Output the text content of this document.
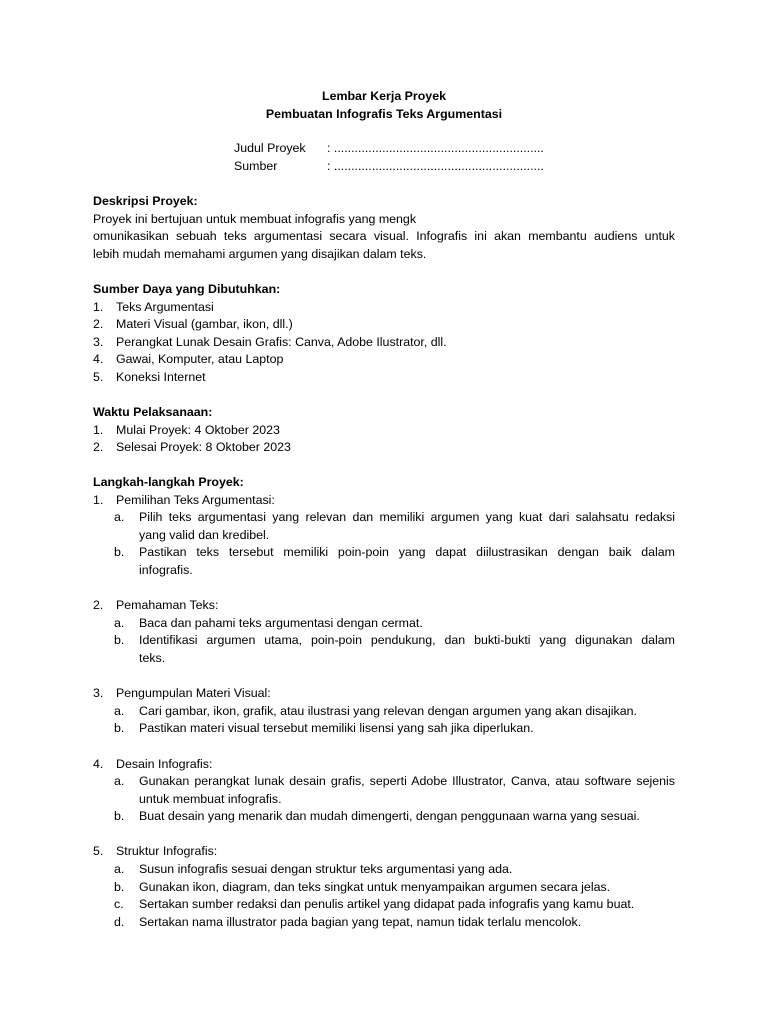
Lembar Kerja Proyek
Pembuatan Infografis Teks Argumentasi
Judul Proyek : .............................................................
Sumber	: .............................................................
Deskripsi Proyek:
Proyek ini bertujuan untuk membuat infografis yang mengk
omunikasikan sebuah teks argumentasi secara visual. Infografis ini akan membantu audiens untuk
lebih mudah memahami argumen yang disajikan dalam teks.
Sumber Daya yang Dibutuhkan:
1. Teks Argumentasi
2. Materi Visual (gambar, ikon, dll.)
3. Perangkat Lunak Desain Grafis: Canva, Adobe Ilustrator, dll.
4. Gawai, Komputer, atau Laptop
5. Koneksi Internet
Waktu Pelaksanaan:
1. Mulai Proyek: 4 Oktober 2023
2. Selesai Proyek: 8 Oktober 2023
Langkah-langkah Proyek:
1. Pemilihan Teks Argumentasi:
a. Pilih teks argumentasi yang relevan dan memiliki argumen yang kuat dari salahsatu redaksi
yang valid dan kredibel.
b. Pastikan teks tersebut memiliki poin-poin yang dapat diilustrasikan dengan baik dalam
infografis.
2. Pemahaman Teks:
a. Baca dan pahami teks argumentasi dengan cermat.
b. Identifikasi argumen utama, poin-poin pendukung, dan bukti-bukti yang digunakan dalam
teks.
3. Pengumpulan Materi Visual:
a. Cari gambar, ikon, grafik, atau ilustrasi yang relevan dengan argumen yang akan disajikan.
b. Pastikan materi visual tersebut memiliki lisensi yang sah jika diperlukan.
4. Desain Infografis:
a. Gunakan perangkat lunak desain grafis, seperti Adobe Illustrator, Canva, atau software sejenis
untuk membuat infografis.
b. Buat desain yang menarik dan mudah dimengerti, dengan penggunaan warna yang sesuai.
5. Struktur Infografis:
a. Susun infografis sesuai dengan struktur teks argumentasi yang ada.
b. Gunakan ikon, diagram, dan teks singkat untuk menyampaikan argumen secara jelas.
c. Sertakan sumber redaksi dan penulis artikel yang didapat pada infografis yang kamu buat.
d. Sertakan nama illustrator pada bagian yang tepat, namun tidak terlalu mencolok.
